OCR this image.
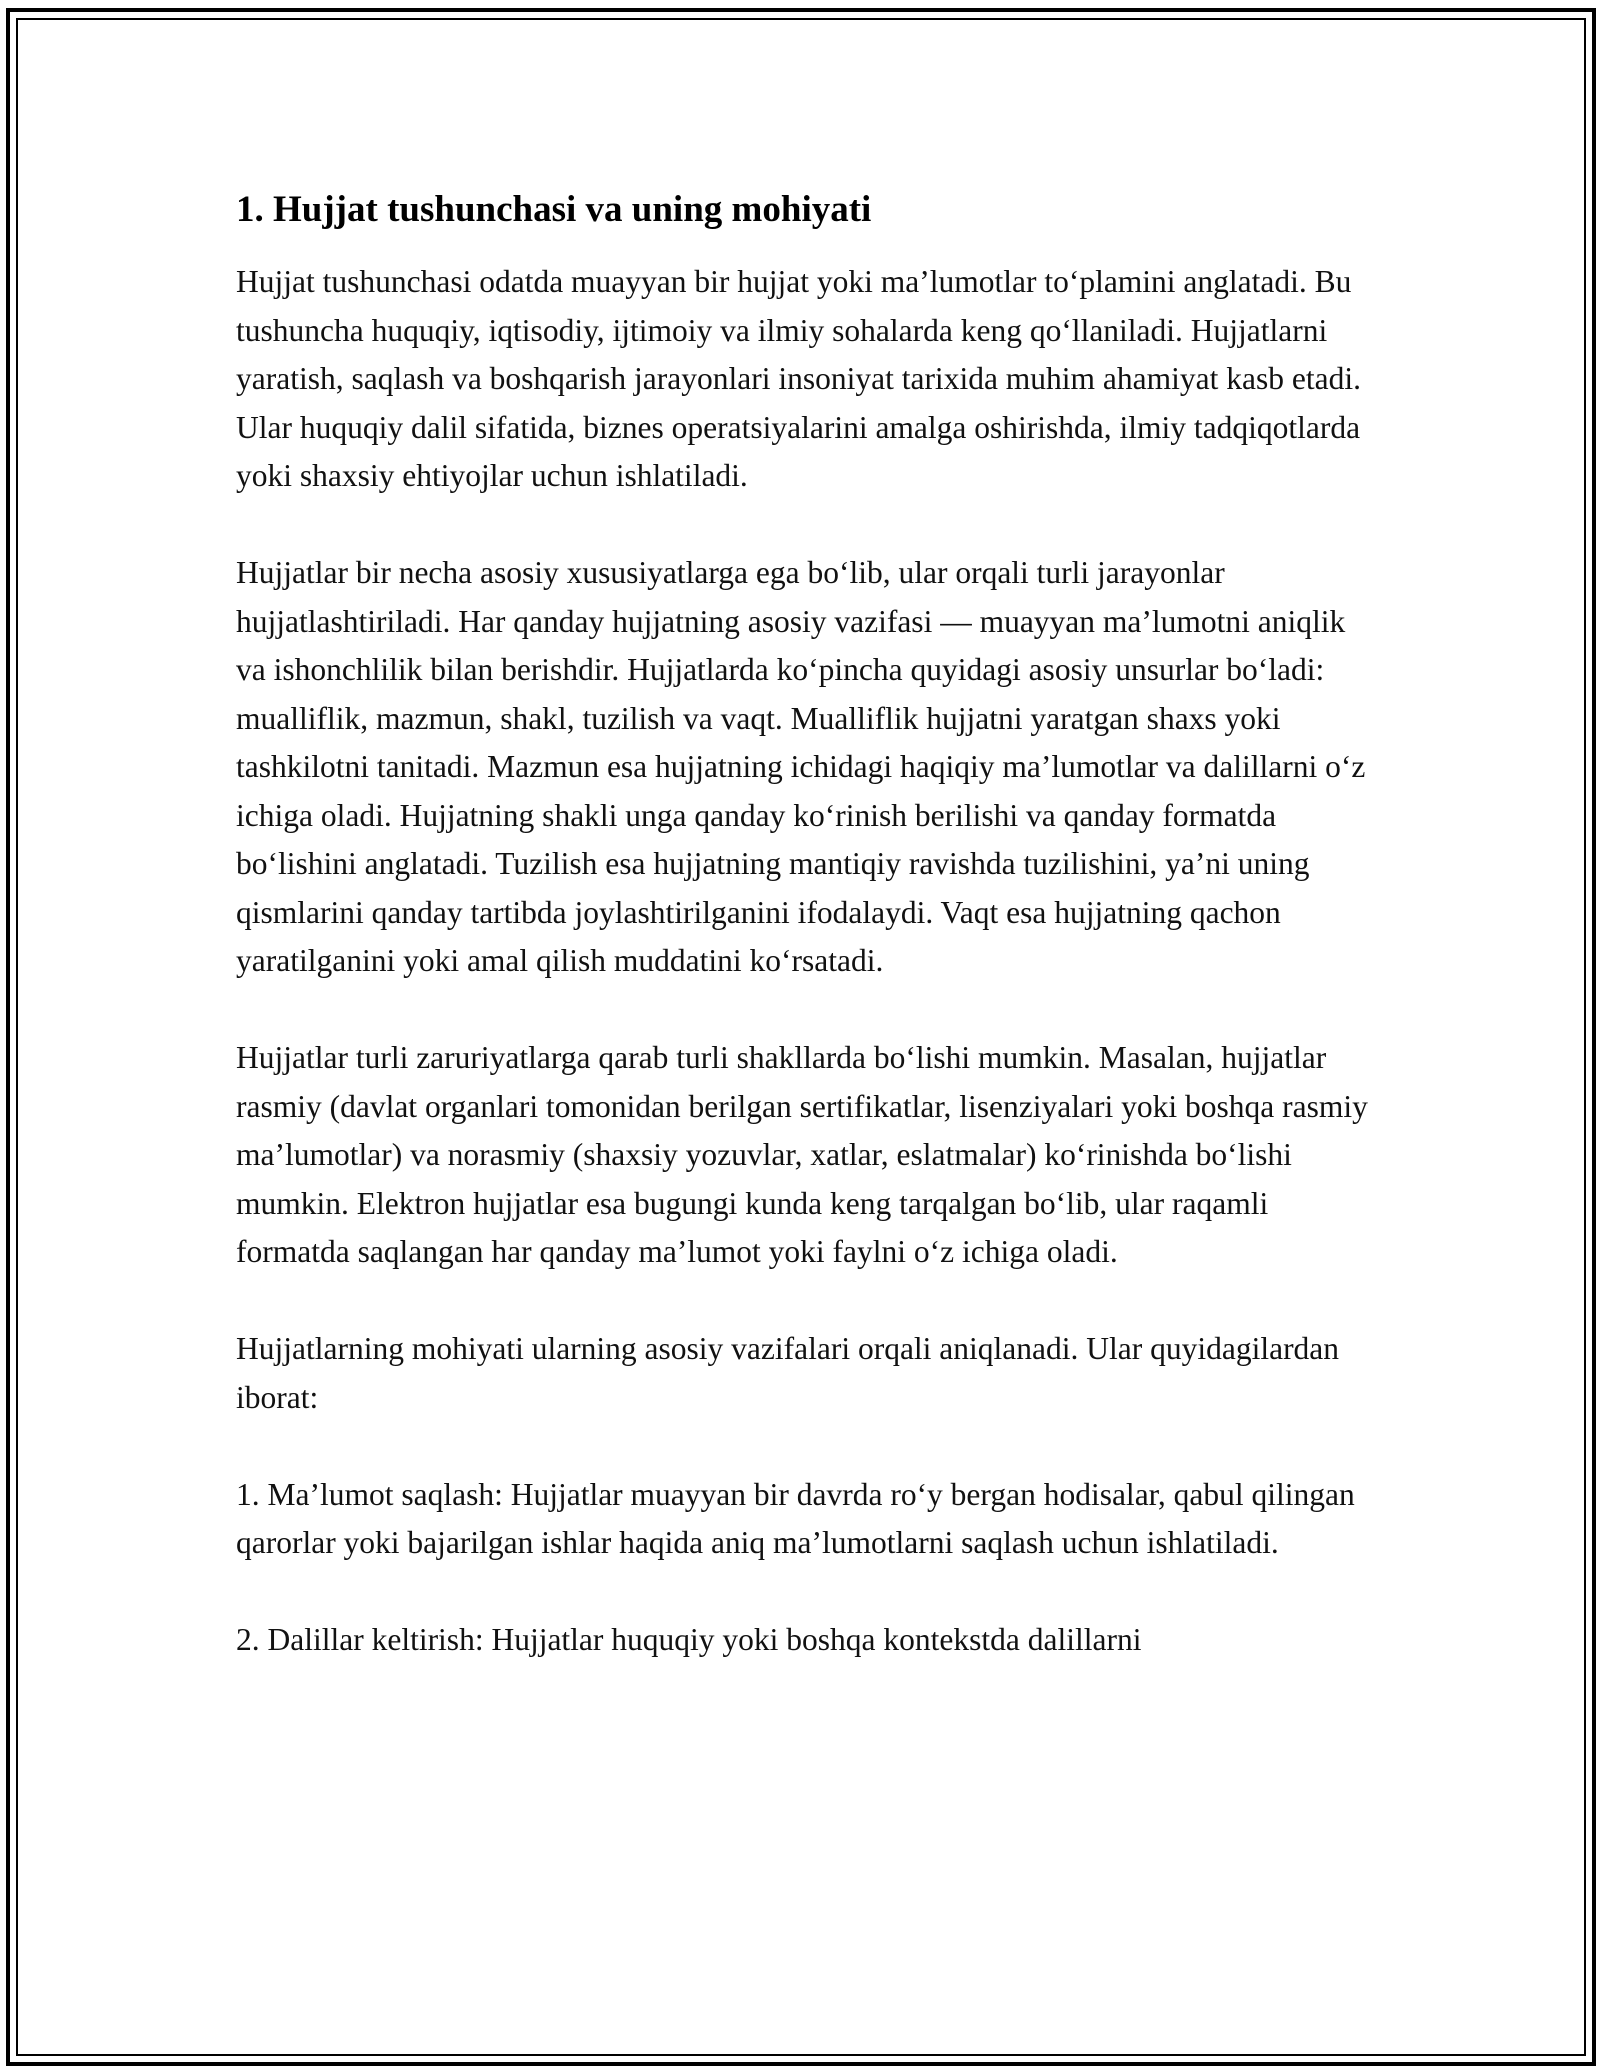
1. Hujjat tushunchasi va uning mohiyati

Hujjat tushunchasi odatda muayyan bir hujjat yoki ma’lumotlar to‘plamini anglatadi. Bu tushuncha huquqiy, iqtisodiy, ijtimoiy va ilmiy sohalarda keng qo‘llaniladi. Hujjatlarni yaratish, saqlash va boshqarish jarayonlari insoniyat tarixida muhim ahamiyat kasb etadi. Ular huquqiy dalil sifatida, biznes operatsiyalarini amalga oshirishda, ilmiy tadqiqotlarda yoki shaxsiy ehtiyojlar uchun ishlatiladi.

Hujjatlar bir necha asosiy xususiyatlarga ega bo‘lib, ular orqali turli jarayonlar hujjatlashtiriladi. Har qanday hujjatning asosiy vazifasi — muayyan ma’lumotni aniqlik va ishonchlilik bilan berishdir. Hujjatlarda ko‘pincha quyidagi asosiy unsurlar bo‘ladi: mualliflik, mazmun, shakl, tuzilish va vaqt. Mualliflik hujjatni yaratgan shaxs yoki tashkilotni tanitadi. Mazmun esa hujjatning ichidagi haqiqiy ma’lumotlar va dalillarni o‘z ichiga oladi. Hujjatning shakli unga qanday ko‘rinish berilishi va qanday formatda bo‘lishini anglatadi. Tuzilish esa hujjatning mantiqiy ravishda tuzilishini, ya’ni uning qismlarini qanday tartibda joylashtirilganini ifodalaydi. Vaqt esa hujjatning qachon yaratilganini yoki amal qilish muddatini ko‘rsatadi.

Hujjatlar turli zaruriyatlarga qarab turli shakllarda bo‘lishi mumkin. Masalan, hujjatlar rasmiy (davlat organlari tomonidan berilgan sertifikatlar, lisenziyalari yoki boshqa rasmiy ma’lumotlar) va norasmiy (shaxsiy yozuvlar, xatlar, eslatmalar) ko‘rinishda bo‘lishi mumkin. Elektron hujjatlar esa bugungi kunda keng tarqalgan bo‘lib, ular raqamli formatda saqlangan har qanday ma’lumot yoki faylni o‘z ichiga oladi.

Hujjatlarning mohiyati ularning asosiy vazifalari orqali aniqlanadi. Ular quyidagilardan iborat:

1. Ma’lumot saqlash: Hujjatlar muayyan bir davrda ro‘y bergan hodisalar, qabul qilingan qarorlar yoki bajarilgan ishlar haqida aniq ma’lumotlarni saqlash uchun ishlatiladi.

2. Dalillar keltirish: Hujjatlar huquqiy yoki boshqa kontekstda dalillarni
